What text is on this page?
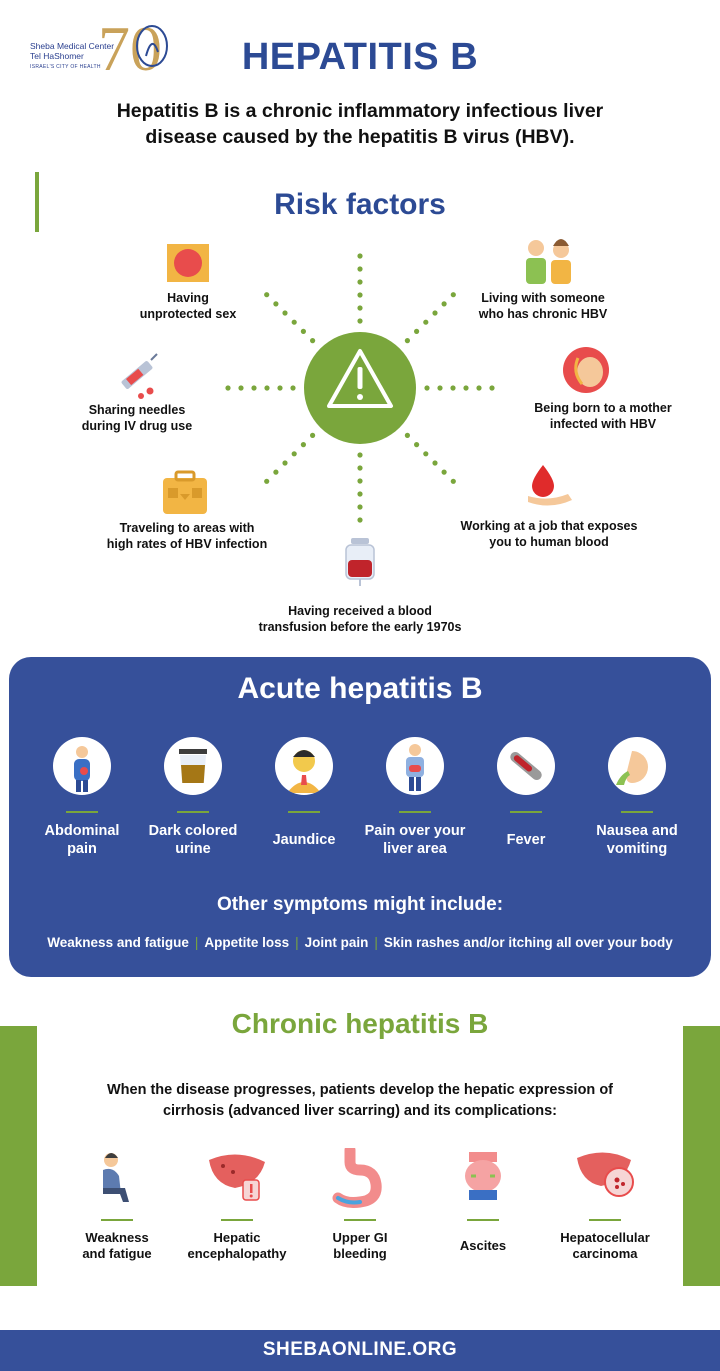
70
Sheba Medical Center
Tel HaShomer
ISRAEL'S CITY OF HEALTH	HEPATITIS B
Hepatitis B is a chronic inflammatory infectious liver
disease caused by the hepatitis B virus (HBV).
Risk factors
Having
unprotected sex
Living with someone
who has chronic HBV
Sharing needles
during IV drug use
Being born to a mother
infected with HBV
Traveling to areas with
high rates of HBV infection
Working at a job that exposes
you to human blood
Having received a blood
transfusion before the early 1970s
Acute hepatitis B
Abdominal
pain
Dark colored
urine
Jaundice
Pain over your
liver area
Fever
Nausea and
vomiting
Other symptoms might include:
Weakness and fatigue | Appetite loss | Joint pain | Skin rashes and/or itching all over your body
Chronic hepatitis B
When the disease progresses, patients develop the hepatic expression of
cirrhosis (advanced liver scarring) and its complications:
Weakness
and fatigue
Hepatic
encephalopathy
Upper GI
bleeding
Ascites
Hepatocellular
carcinoma
SHEBAONLINE.ORG
